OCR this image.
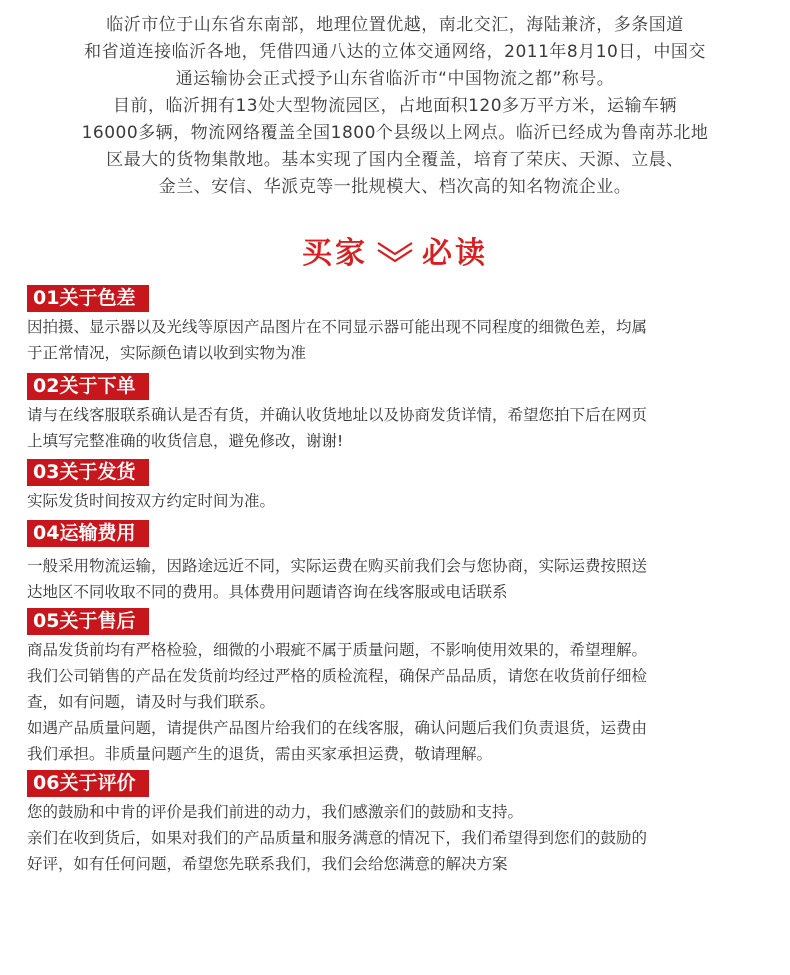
临沂市位于山东省东南部，地理位置优越，南北交汇，海陆兼济，多条国道

和省道连接临沂各地，凭借四通八达的立体交通网络，2011年8月10日，中国交

通运输协会正式授予山东省临沂市“中国物流之都”称号。

目前，临沂拥有13处大型物流园区，占地面积120多万平方米，运输车辆

16000多辆，物流网络覆盖全国1800个县级以上网点。临沂已经成为鲁南苏北地

区最大的货物集散地。基本实现了国内全覆盖，培育了荣庆、天源、立晨、

金兰、安信、华派克等一批规模大、档次高的知名物流企业。

买家 必读
01关于色差

因拍摄、显示器以及光线等原因产品图片在不同显示器可能出现不同程度的细微色差，均属

于正常情况，实际颜色请以收到实物为准

02关于下单

请与在线客服联系确认是否有货，并确认收货地址以及协商发货详情，希望您拍下后在网页

上填写完整准确的收货信息，避免修改，谢谢!

03关于发货

实际发货时间按双方约定时间为准。

04运输费用

一般采用物流运输，因路途远近不同，实际运费在购买前我们会与您协商，实际运费按照送

达地区不同收取不同的费用。具体费用问题请咨询在线客服或电话联系

05关于售后

商品发货前均有严格检验，细微的小瑕疵不属于质量问题，不影响使用效果的，希望理解。

我们公司销售的产品在发货前均经过严格的质检流程，确保产品品质，请您在收货前仔细检

查，如有问题，请及时与我们联系。

如遇产品质量问题，请提供产品图片给我们的在线客服，确认问题后我们负责退货，运费由

我们承担。非质量问题产生的退货，需由买家承担运费，敬请理解。

06关于评价

您的鼓励和中肯的评价是我们前进的动力，我们感激亲们的鼓励和支持。

亲们在收到货后，如果对我们的产品质量和服务满意的情况下，我们希望得到您们的鼓励的

好评，如有任何问题，希望您先联系我们，我们会给您满意的解决方案
